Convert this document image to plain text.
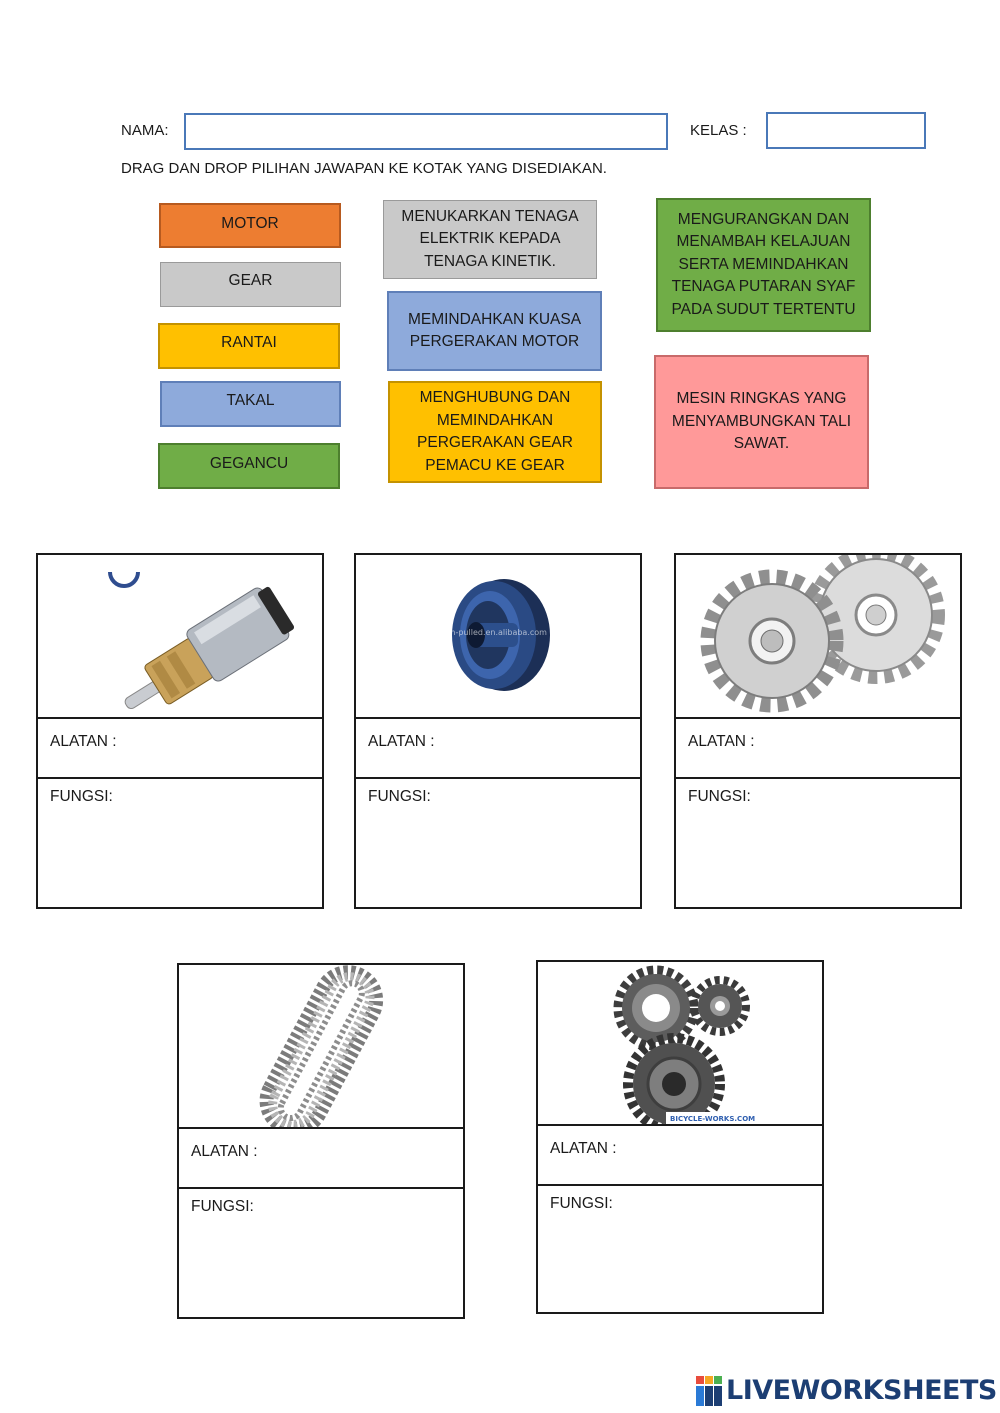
NAMA:	KELAS :
DRAG DAN DROP PILIHAN JAWAPAN KE KOTAK YANG DISEDIAKAN.
MOTOR
GEAR
RANTAI
TAKAL
GEGANCU
MENUKARKAN TENAGA
ELEKTRIK KEPADA
TENAGA KINETIK.
MEMINDAHKAN KUASA
PERGERAKAN MOTOR
MENGHUBUNG DAN
MEMINDAHKAN
PERGERAKAN GEAR
PEMACU KE GEAR
MENGURANGKAN DAN
MENAMBAH KELAJUAN
SERTA MEMINDAHKAN
TENAGA PUTARAN SYAF
PADA SUDUT TERTENTU
MESIN RINGKAS YANG
MENYAMBUNGKAN TALI
SAWAT.
ALATAN :
FUNGSI:
ch-pulled.en.alibaba.com
ALATAN :
FUNGSI:
ALATAN :
FUNGSI:
ALATAN :
FUNGSI:
BICYCLE-WORKS.COM
ALATAN :
FUNGSI:
LIVEWORKSHEETS
